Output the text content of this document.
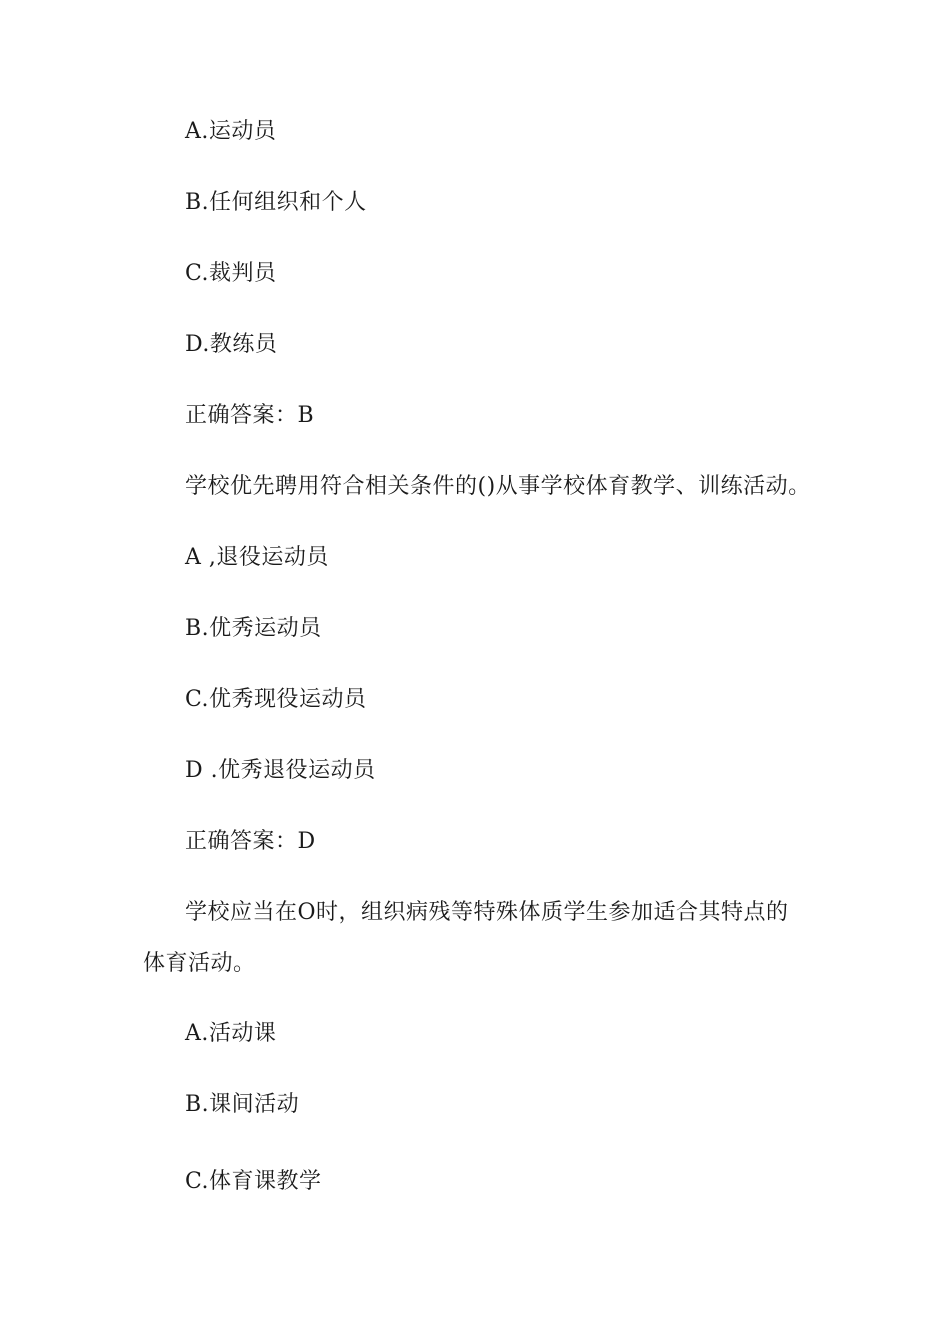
A.运动员
B.任何组织和个人
C.裁判员
D.教练员
正确答案：B
学校优先聘用符合相关条件的()从事学校体育教学、训练活动。
A ,退役运动员
B.优秀运动员
C.优秀现役运动员
D .优秀退役运动员
正确答案：D
学校应当在O时，组织病残等特殊体质学生参加适合其特点的
体育活动。
A.活动课
B.课间活动
C.体育课教学
